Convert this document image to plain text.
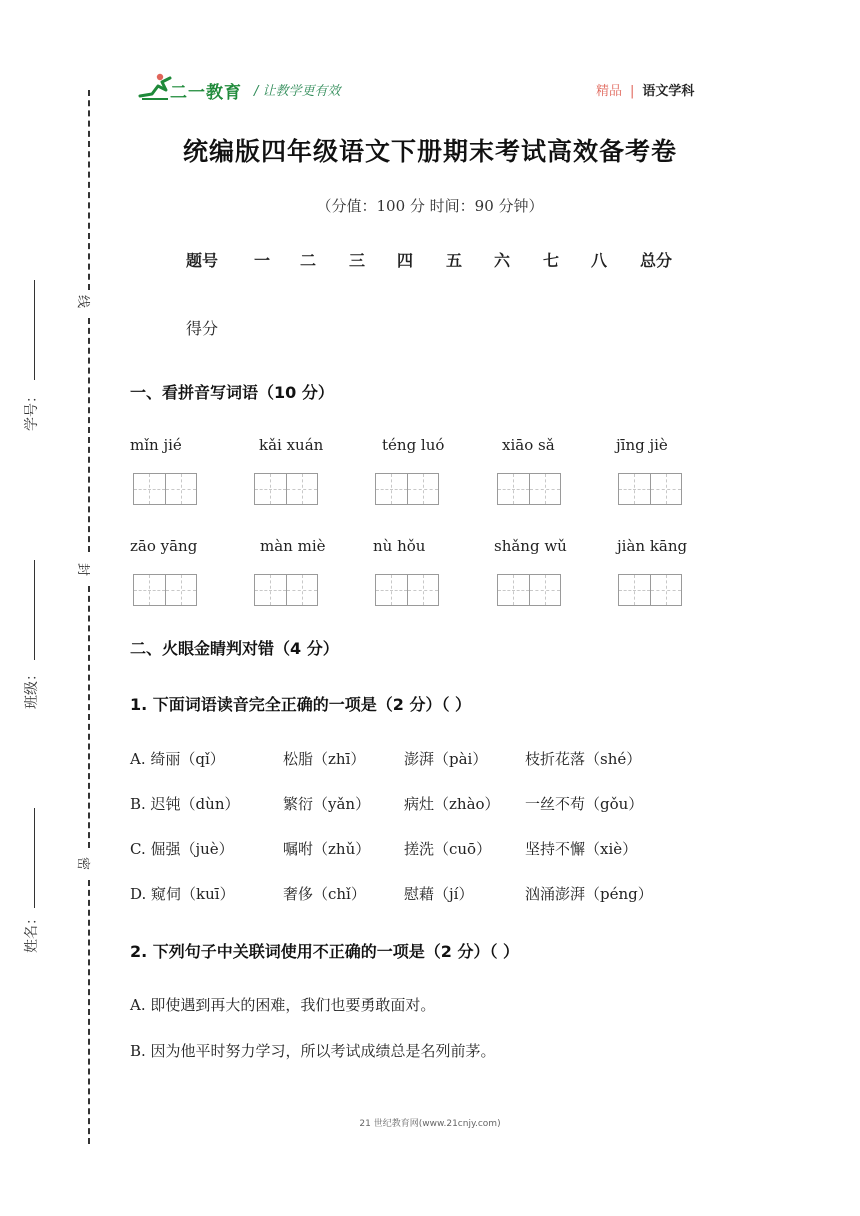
线
封
密
学号：
班级：
姓名：
二一教育 / 让教学更有效	精品 | 语文学科
统编版四年级语文下册期末考试高效备考卷
（分值：100 分 时间：90 分钟）
题号 一 二 三 四 五 六 七 八 总分
得分
一、看拼音写词语（10 分）
mǐn jié	kǎi xuán	téng luó	xiāo sǎ	jīng jiè
zāo yāng	màn miè	nù hǒu	shǎng wǔ	jiàn kāng
二、火眼金睛判对错（4 分）
1. 下面词语读音完全正确的一项是（2 分）（ ）
A. 绮丽（qǐ）	松脂（zhī）	澎湃（pài）	枝折花落（shé）
B. 迟钝（dùn）	繁衍（yǎn） 病灶（zhào） 一丝不苟（gǒu）
C. 倔强（juè）	嘱咐（zhǔ） 搓洗（cuō） 坚持不懈（xiè）
D. 窥伺（kuī）	奢侈（chǐ）	慰藉（jí）	汹涌澎湃（péng）
2. 下列句子中关联词使用不正确的一项是（2 分）（ ）
A. 即使遇到再大的困难，我们也要勇敢面对。
B. 因为他平时努力学习，所以考试成绩总是名列前茅。
21 世纪教育网(www.21cnjy.com)
